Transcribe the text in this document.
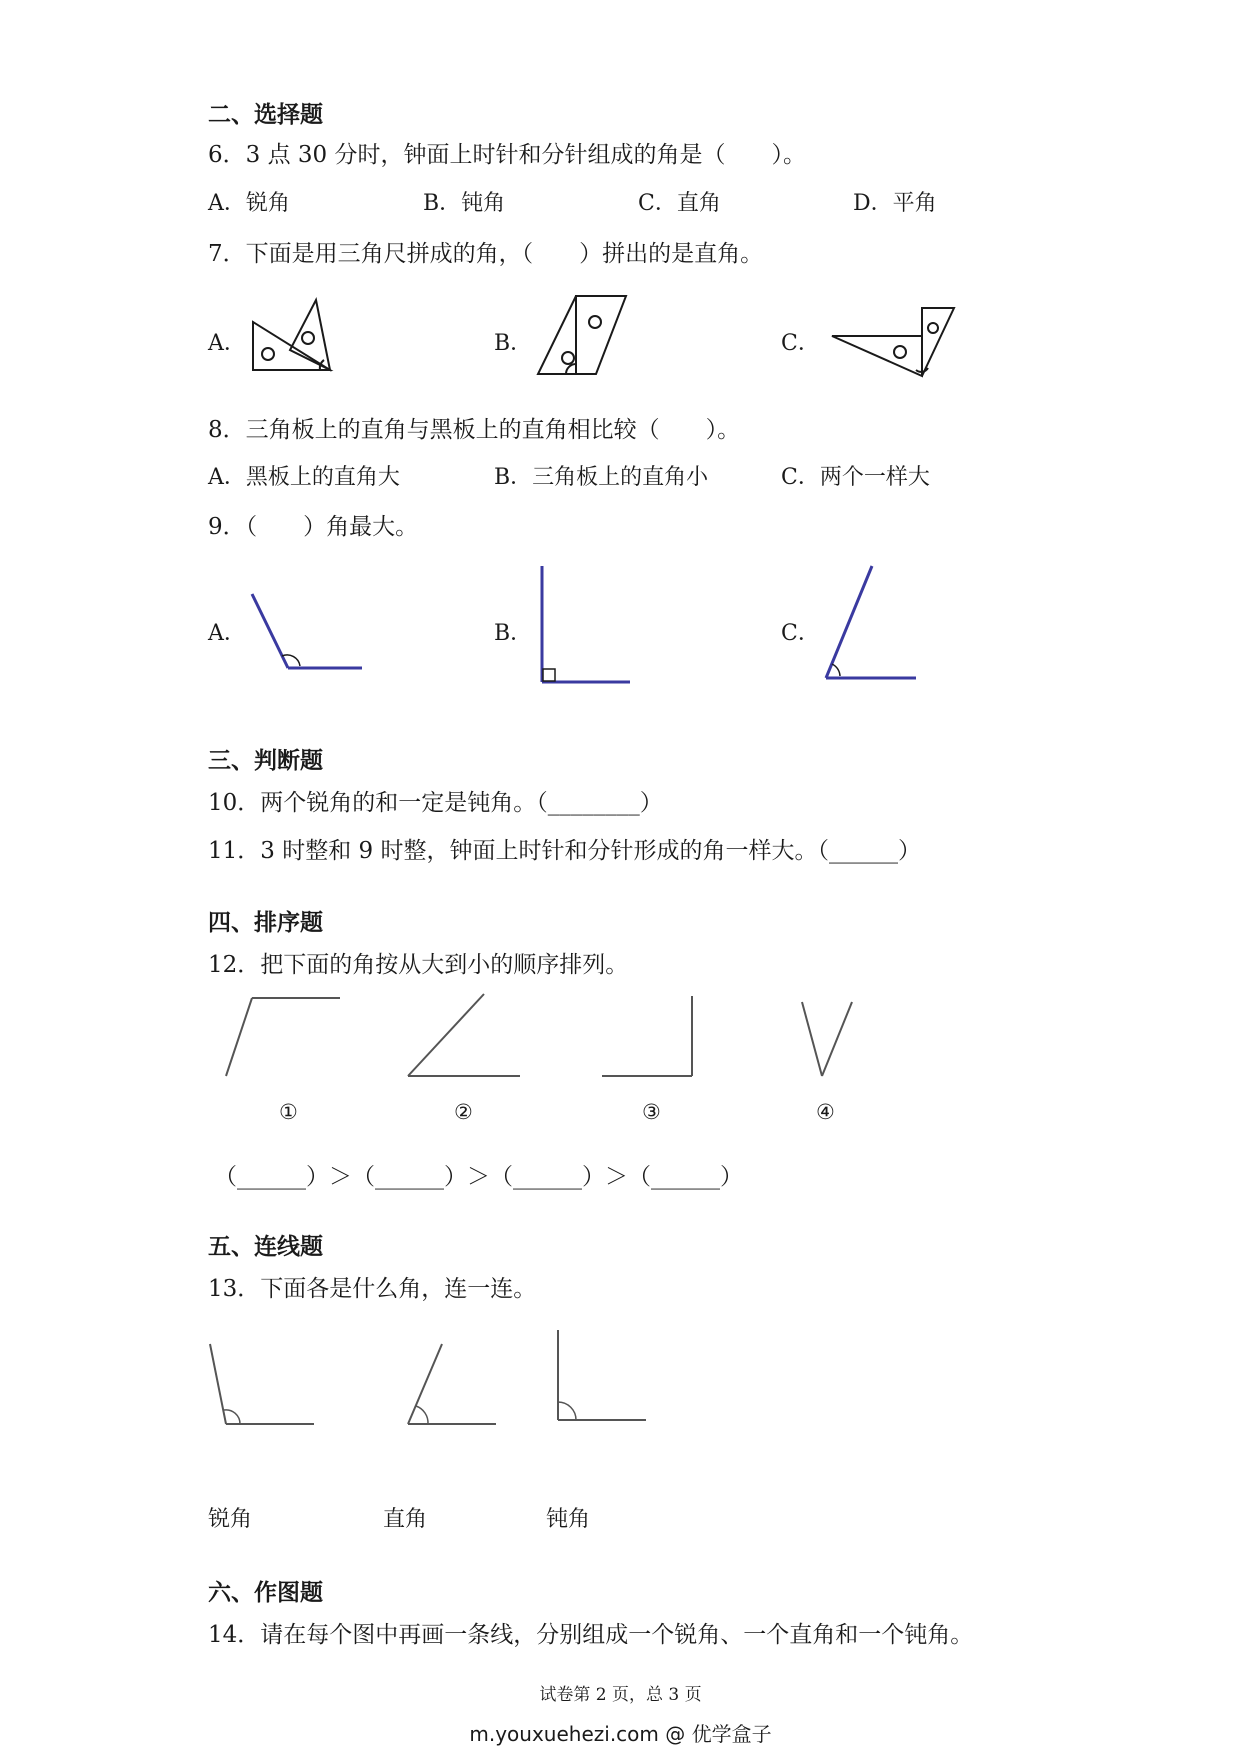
二、选择题
6．3 点 30 分时，钟面上时针和分针组成的角是（　　）。
A．锐角	B．钝角	C．直角	D．平角
7．下面是用三角尺拼成的角，（　　）拼出的是直角。
A．	B．	C．
8．三角板上的直角与黑板上的直角相比较（　　）。
A．黑板上的直角大	B．三角板上的直角小	C．两个一样大
9．（　　）角最大。
A．	B．	C．
三、判断题
10．两个锐角的和一定是钝角。（________）
11．3 时整和 9 时整，钟面上时针和分针形成的角一样大。（______）
四、排序题
12．把下面的角按从大到小的顺序排列。
①	②	③	④
（______）＞（______）＞（______）＞（______）
五、连线题
13．下面各是什么角，连一连。
锐角	直角	钝角
六、作图题
14．请在每个图中再画一条线，分别组成一个锐角、一个直角和一个钝角。
试卷第 2 页，总 3 页
m.youxuehezi.com @ 优学盒子
